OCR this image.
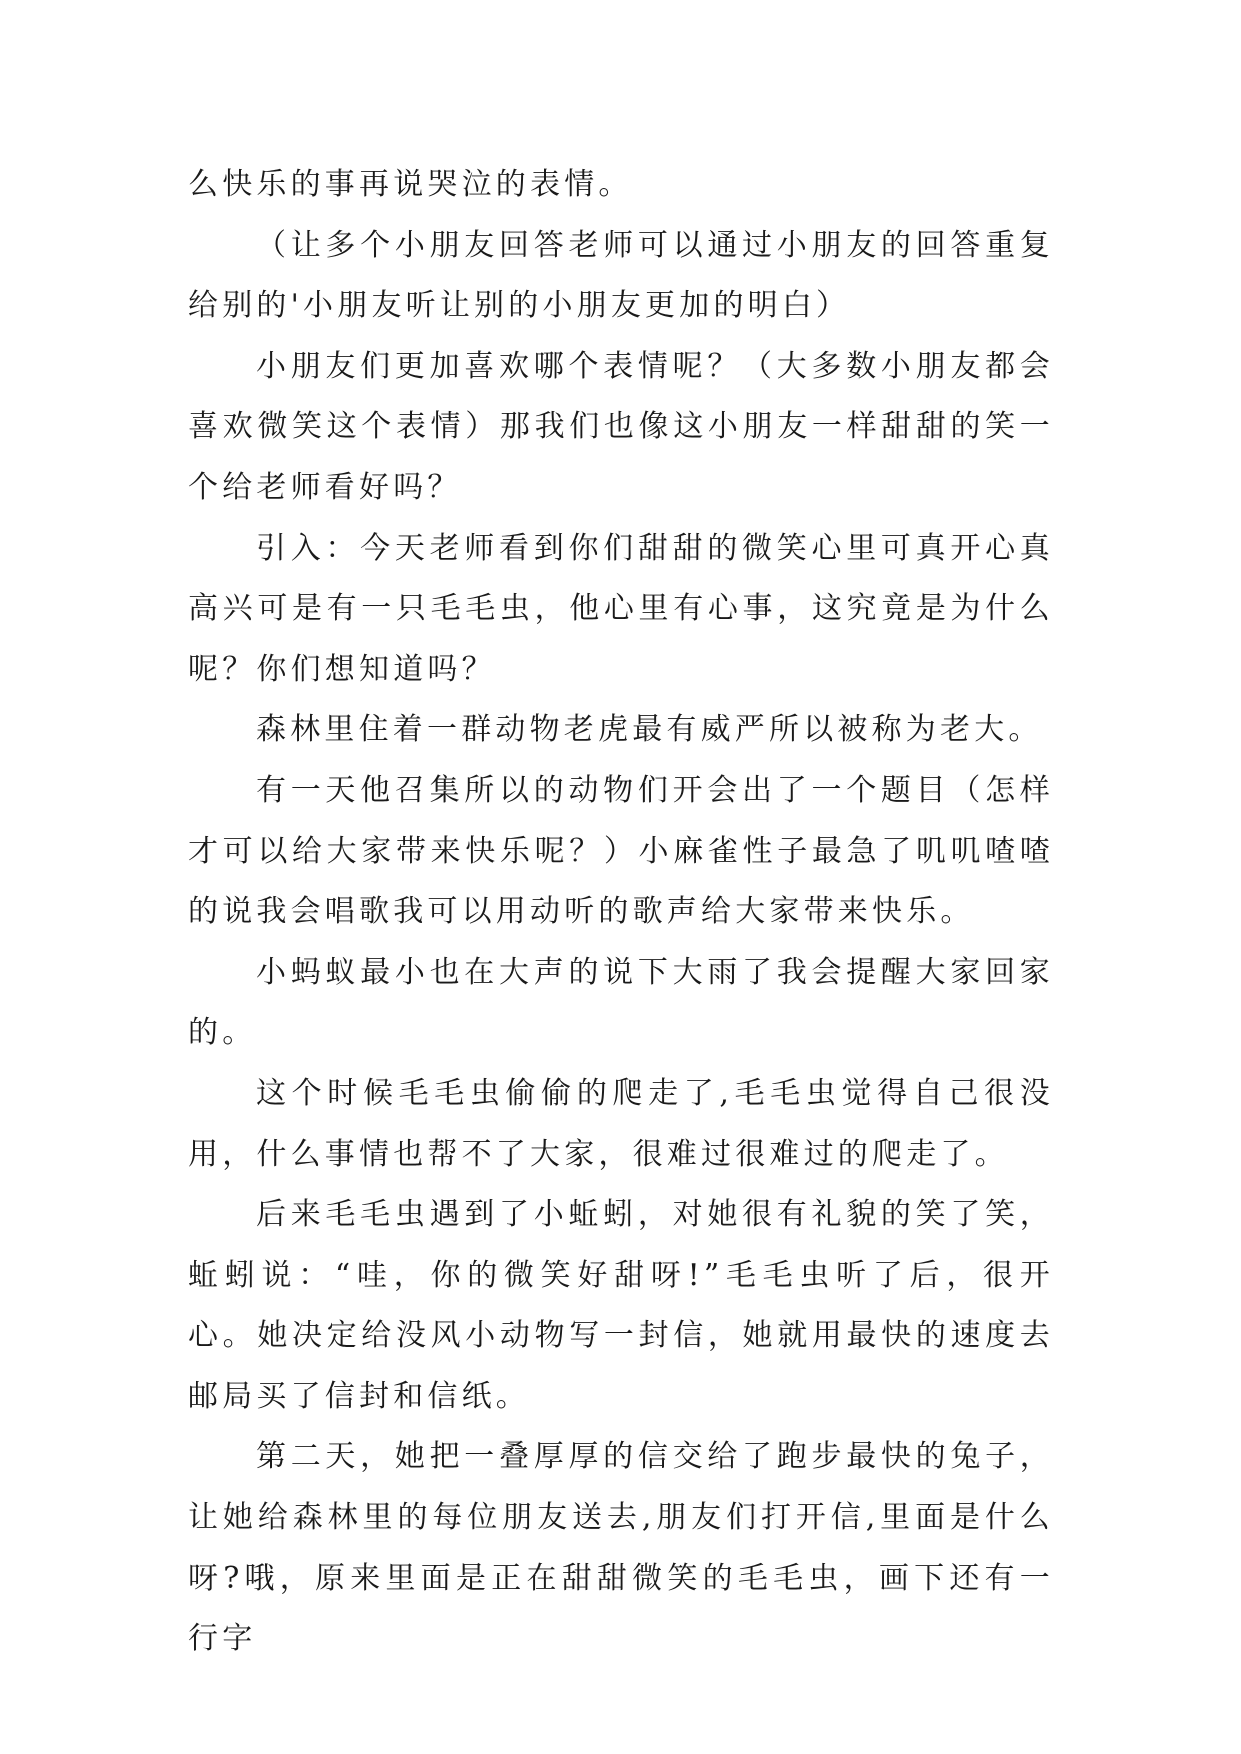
么快乐的事再说哭泣的表情。

（让多个小朋友回答老师可以通过小朋友的回答重复给别的'小朋友听让别的小朋友更加的明白）

小朋友们更加喜欢哪个表情呢？（大多数小朋友都会喜欢微笑这个表情）那我们也像这小朋友一样甜甜的笑一个给老师看好吗？

引入：今天老师看到你们甜甜的微笑心里可真开心真高兴可是有一只毛毛虫，他心里有心事，这究竟是为什么呢？你们想知道吗？

森林里住着一群动物老虎最有威严所以被称为老大。

有一天他召集所以的动物们开会出了一个题目（怎样才可以给大家带来快乐呢？）小麻雀性子最急了叽叽喳喳的说我会唱歌我可以用动听的歌声给大家带来快乐。

小蚂蚁最小也在大声的说下大雨了我会提醒大家回家的。

这个时候毛毛虫偷偷的爬走了,毛毛虫觉得自己很没用，什么事情也帮不了大家，很难过很难过的爬走了。

后来毛毛虫遇到了小蚯蚓，对她很有礼貌的笑了笑，蚯蚓说：“哇，你的微笑好甜呀!”毛毛虫听了后，很开心。她决定给没风小动物写一封信，她就用最快的速度去邮局买了信封和信纸。

第二天，她把一叠厚厚的信交给了跑步最快的兔子，让她给森林里的每位朋友送去,朋友们打开信,里面是什么呀?哦，原来里面是正在甜甜微笑的毛毛虫，画下还有一行字
